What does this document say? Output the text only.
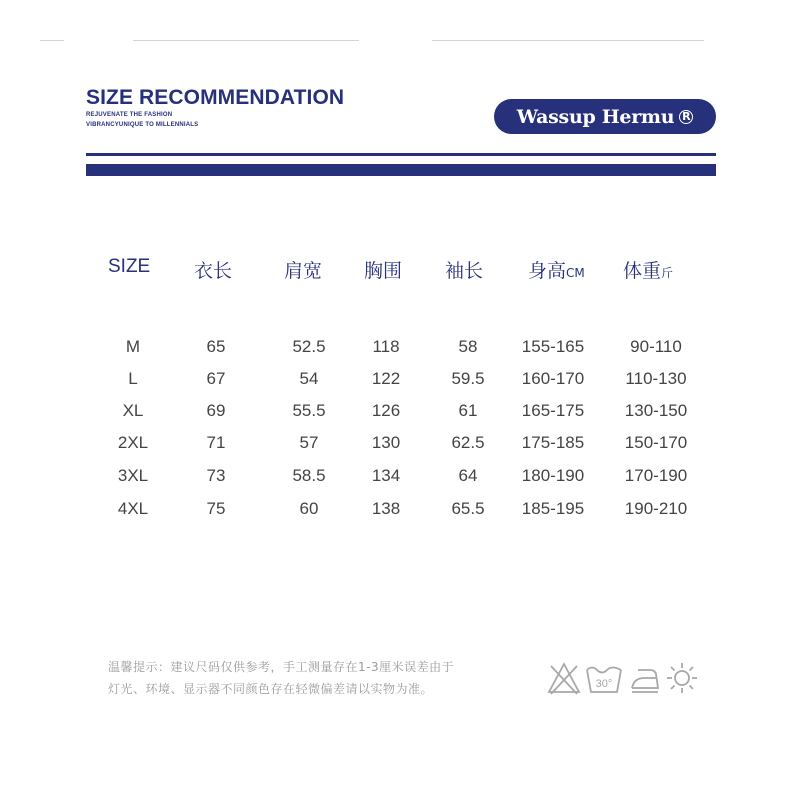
SIZE RECOMMENDATION
REJUVENATE THE FASHION
VIBRANCYUNIQUE TO MILLENNIALS	Wassup Hermu R
SIZE 衣长	肩宽 胸围 袖长 身高CM 体重斤
M	65	52.5	118	58	155-165	90-110
L	67	54	122	59.5	160-170	110-130
XL	69	55.5	126	61	165-175	130-150
2XL	71	57	130	62.5	175-185	150-170
3XL	73	58.5	134	64	180-190	170-190
4XL	75	60	138	65.5	185-195	190-210
温馨提示：建议尺码仅供参考，手工测量存在1-3厘米误差由于
灯光、环境、显示器不同颜色存在轻微偏差请以实物为准。	30°
